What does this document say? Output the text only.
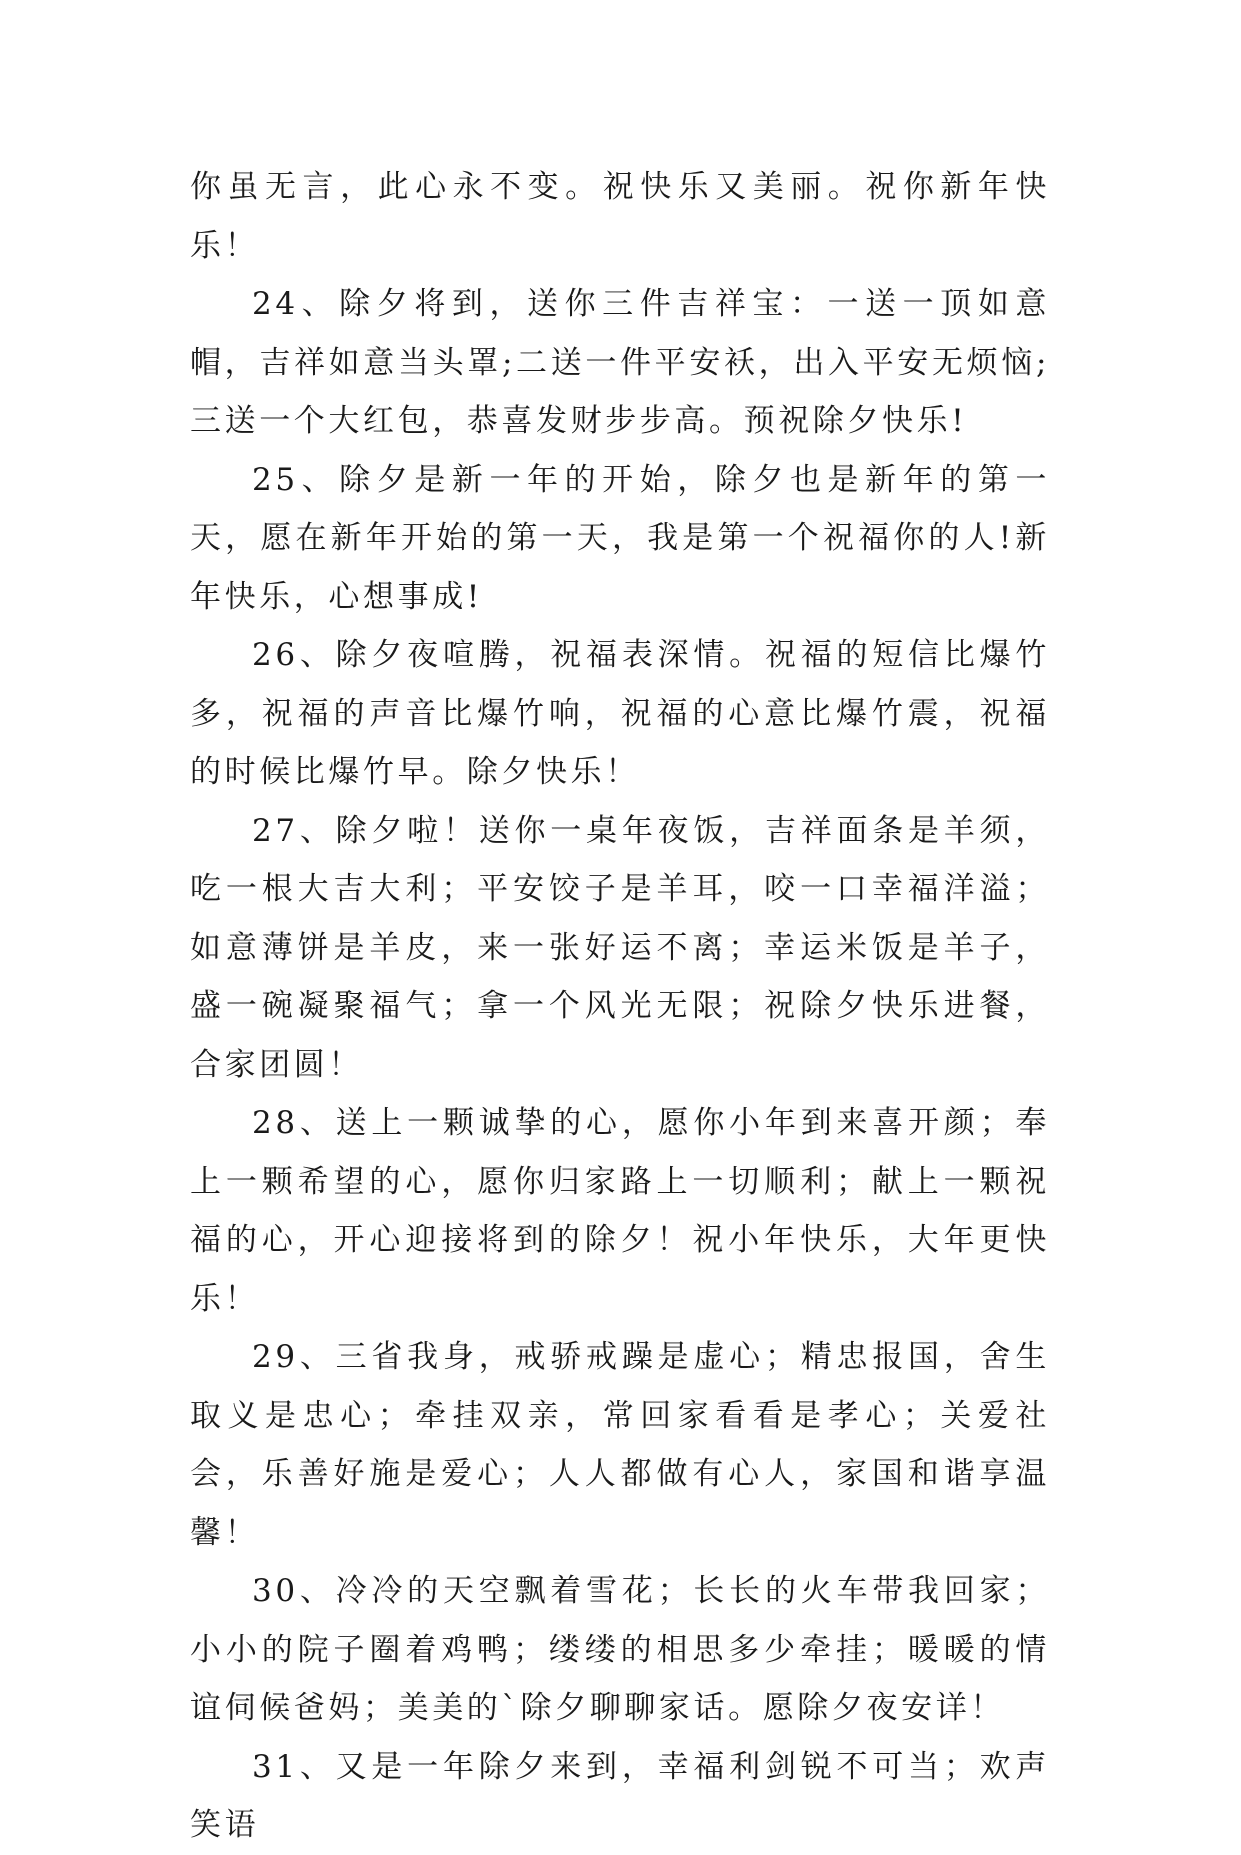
你虽无言，此心永不变。祝快乐又美丽。祝你新年快乐！

24、除夕将到，送你三件吉祥宝：一送一顶如意帽，吉祥如意当头罩;二送一件平安袄，出入平安无烦恼;三送一个大红包，恭喜发财步步高。预祝除夕快乐!

25、除夕是新一年的开始，除夕也是新年的第一天，愿在新年开始的第一天，我是第一个祝福你的人!新年快乐，心想事成!

26、除夕夜喧腾，祝福表深情。祝福的短信比爆竹多，祝福的声音比爆竹响，祝福的心意比爆竹震，祝福的时候比爆竹早。除夕快乐！

27、除夕啦！送你一桌年夜饭，吉祥面条是羊须，吃一根大吉大利；平安饺子是羊耳，咬一口幸福洋溢；如意薄饼是羊皮，来一张好运不离；幸运米饭是羊子，盛一碗凝聚福气；拿一个风光无限；祝除夕快乐进餐，合家团圆！

28、送上一颗诚挚的心，愿你小年到来喜开颜；奉上一颗希望的心，愿你归家路上一切顺利；献上一颗祝福的心，开心迎接将到的除夕！祝小年快乐，大年更快乐！

29、三省我身，戒骄戒躁是虚心；精忠报国，舍生取义是忠心；牵挂双亲，常回家看看是孝心；关爱社会，乐善好施是爱心；人人都做有心人，家国和谐享温馨！

30、冷冷的天空飘着雪花；长长的火车带我回家；小小的院子圈着鸡鸭；缕缕的相思多少牵挂；暖暖的情谊伺候爸妈；美美的`除夕聊聊家话。愿除夕夜安详！

31、又是一年除夕来到，幸福利剑锐不可当；欢声笑语
